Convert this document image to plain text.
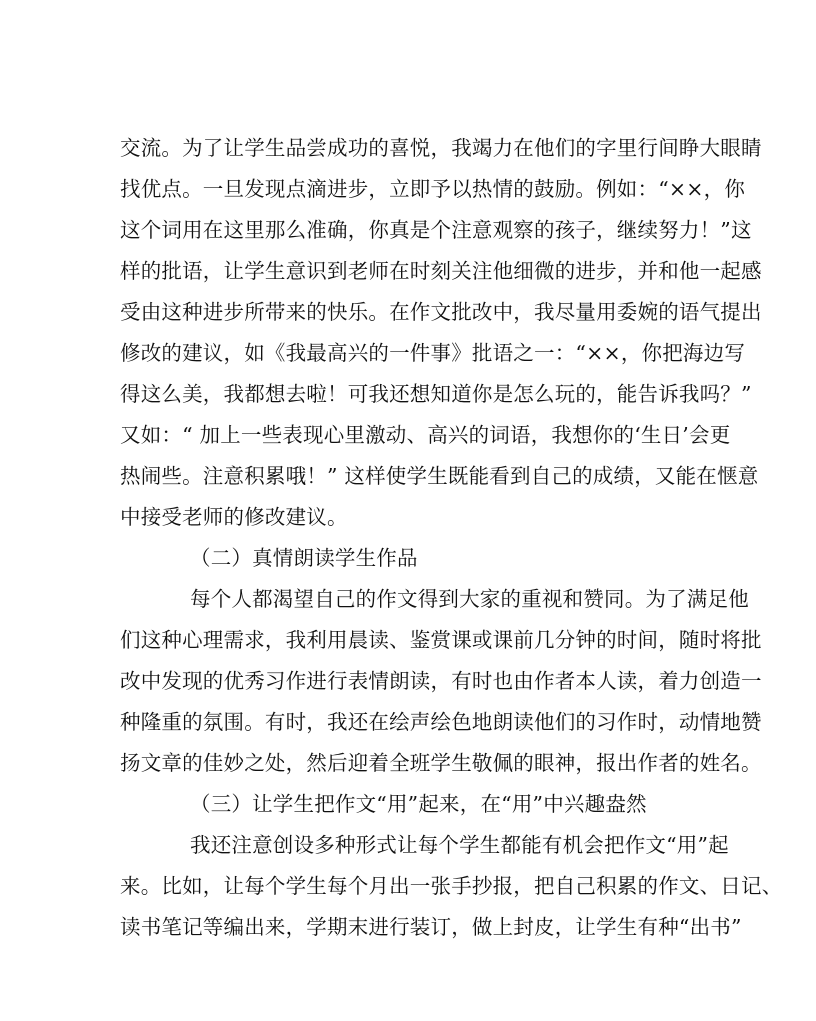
交流。为了让学生品尝成功的喜悦，我竭力在他们的字里行间睁大眼睛
找优点。一旦发现点滴进步，立即予以热情的鼓励。例如：“××，你
这个词用在这里那么准确，你真是个注意观察的孩子，继续努力！”这
样的批语，让学生意识到老师在时刻关注他细微的进步，并和他一起感
受由这种进步所带来的快乐。在作文批改中，我尽量用委婉的语气提出
修改的建议，如《我最高兴的一件事》批语之一：“××，你把海边写
得这么美，我都想去啦！可我还想知道你是怎么玩的，能告诉我吗？”
又如：“ 加上一些表现心里激动、高兴的词语，我想你的‘生日’会更
热闹些。注意积累哦！” 这样使学生既能看到自己的成绩，又能在惬意
中接受老师的修改建议。
（二）真情朗读学生作品
每个人都渴望自己的作文得到大家的重视和赞同。为了满足他
们这种心理需求，我利用晨读、鉴赏课或课前几分钟的时间，随时将批
改中发现的优秀习作进行表情朗读，有时也由作者本人读，着力创造一
种隆重的氛围。有时，我还在绘声绘色地朗读他们的习作时，动情地赞
扬文章的佳妙之处，然后迎着全班学生敬佩的眼神，报出作者的姓名。
（三）让学生把作文“用”起来，在“用”中兴趣盎然
我还注意创设多种形式让每个学生都能有机会把作文“用”起
来。比如，让每个学生每个月出一张手抄报，把自己积累的作文、日记、
读书笔记等编出来，学期末进行装订，做上封皮，让学生有种“出书”
